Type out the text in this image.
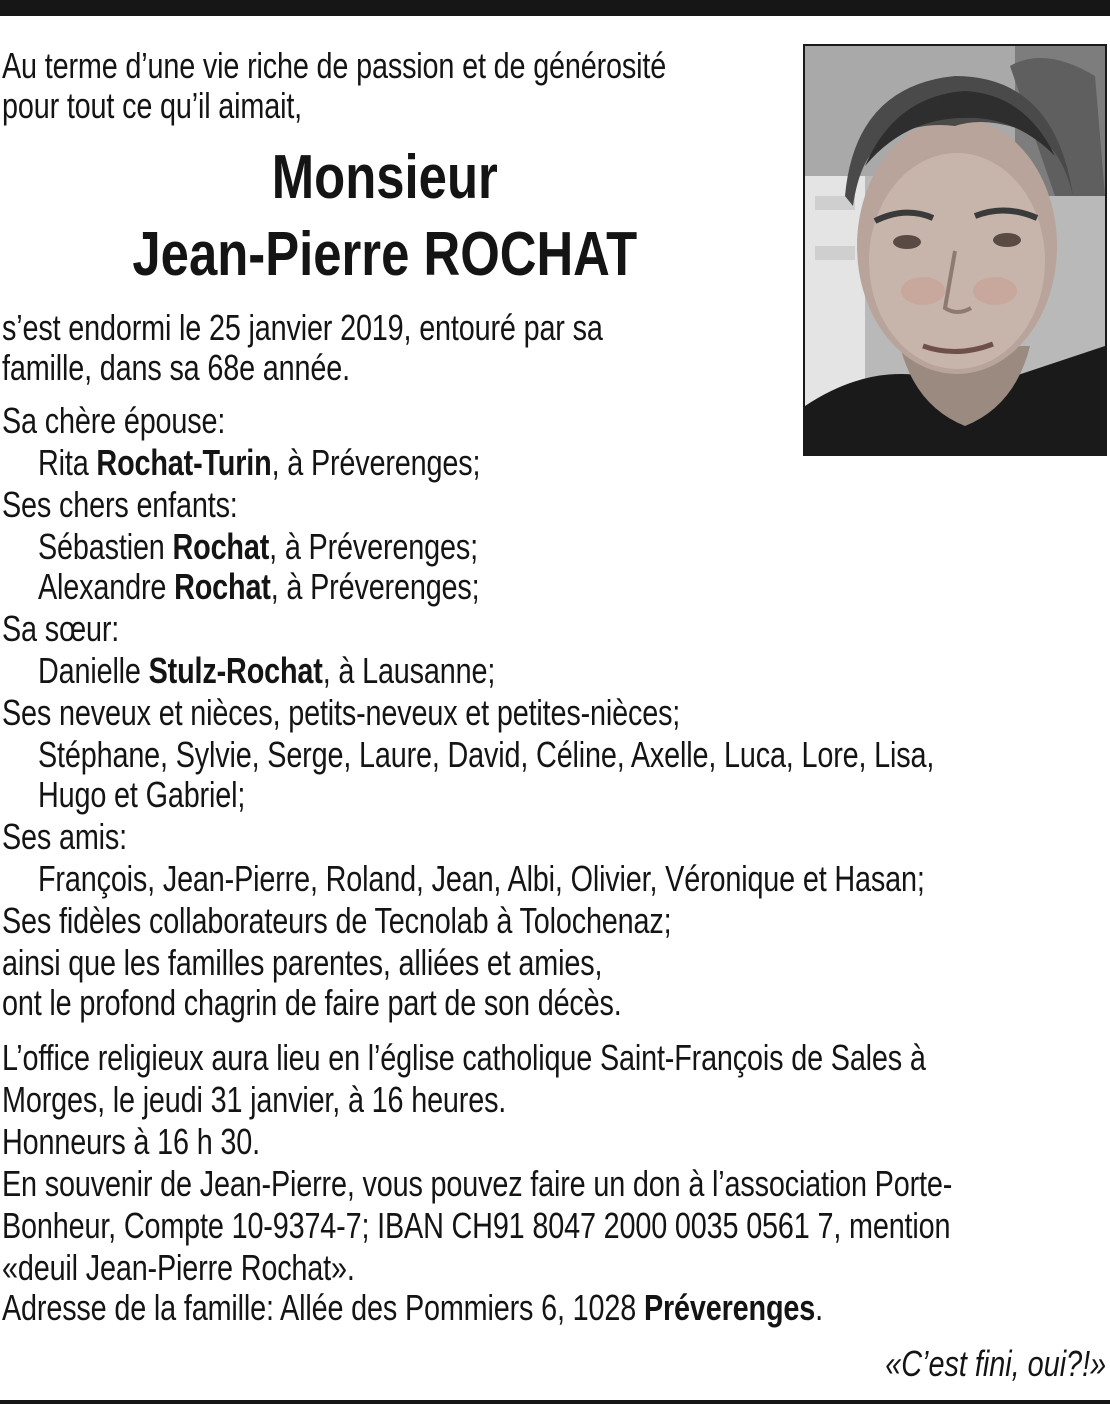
Au terme d’une vie riche de passion et de générosité
pour tout ce qu’il aimait,
Monsieur
Jean-Pierre ROCHAT
s’est endormi le 25 janvier 2019, entouré par sa
famille, dans sa 68e année.
Sa chère épouse:
Rita Rochat-Turin, à Préverenges;
Ses chers enfants:
Sébastien Rochat, à Préverenges;
Alexandre Rochat, à Préverenges;
Sa sœur:
Danielle Stulz-Rochat, à Lausanne;
Ses neveux et nièces, petits-neveux et petites-nièces;
Stéphane, Sylvie, Serge, Laure, David, Céline, Axelle, Luca, Lore, Lisa,
Hugo et Gabriel;
Ses amis:
François, Jean-Pierre, Roland, Jean, Albi, Olivier, Véronique et Hasan;
Ses fidèles collaborateurs de Tecnolab à Tolochenaz;
ainsi que les familles parentes, alliées et amies,
ont le profond chagrin de faire part de son décès.
L’office religieux aura lieu en l’église catholique Saint-François de Sales à
Morges, le jeudi 31 janvier, à 16 heures.
Honneurs à 16 h 30.
En souvenir de Jean-Pierre, vous pouvez faire un don à l’association Porte-
Bonheur, Compte 10-9374-7; IBAN CH91 8047 2000 0035 0561 7, mention
«deuil Jean-Pierre Rochat».
Adresse de la famille: Allée des Pommiers 6, 1028 Préverenges.
«C’est fini, oui?!»
